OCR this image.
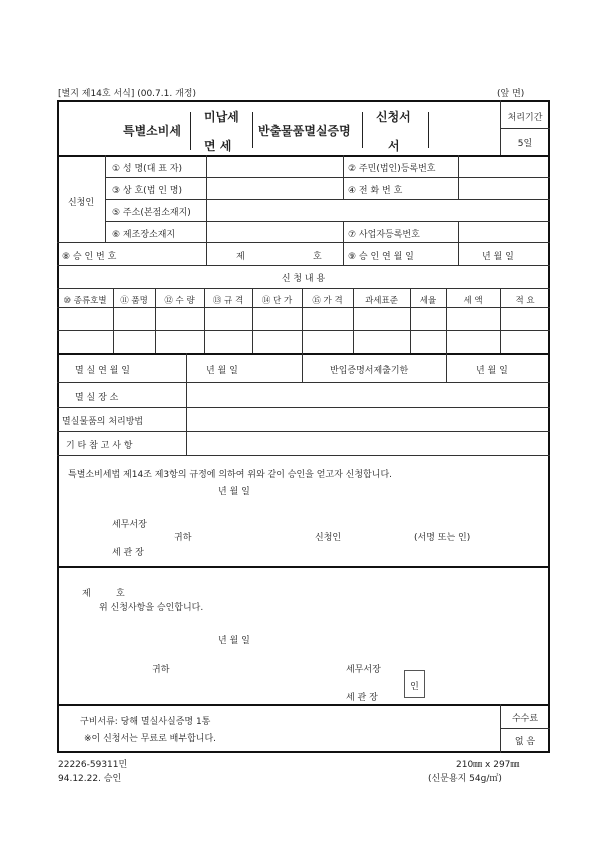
[별지 제14호 서식] (00.7.1. 개정)	(앞 면)
특별소비세
미납세
면 세
반출물품멸실증명
신청서
서
처리기간
5일
신청인
① 성 명(대 표 자)	② 주민(법인)등록번호
③ 상 호(법 인 명)	④ 전 화 번 호
⑤ 주소(본점소재지)
⑥ 제조장소재지	⑦ 사업자등록번호
⑧ 승 인 번 호	제	호	⑨ 승 인 연 월 일	년 월 일
신 청 내 용
⑩ 종류호별	⑪ 품명	⑫ 수 량	⑬ 규 격	⑭ 단 가	⑮ 가 격	과세표준	세율	세 액	적 요
멸 실 연 월 일	년 월 일	반입증명서제출기한	년 월 일
멸 실 장 소
멸실물품의 처리방법
기 타 참 고 사 항
특별소비세법 제14조 제3항의 규정에 의하여 위와 같이 승인을 얻고자 신청합니다.
년 월 일
세무서장
귀하	신청인	(서명 또는 인)
세 관 장
제	호
위 신청사항을 승인합니다.
년 월 일
귀하	세무서장
세 관 장
인
구비서류: 당해 멸실사실증명 1통
※이 신청서는 무료로 배부합니다.
수수료
없 음
22226-59311민
94.12.22. 승인
210㎜ x 297㎜
(신문용지 54g/㎡)
